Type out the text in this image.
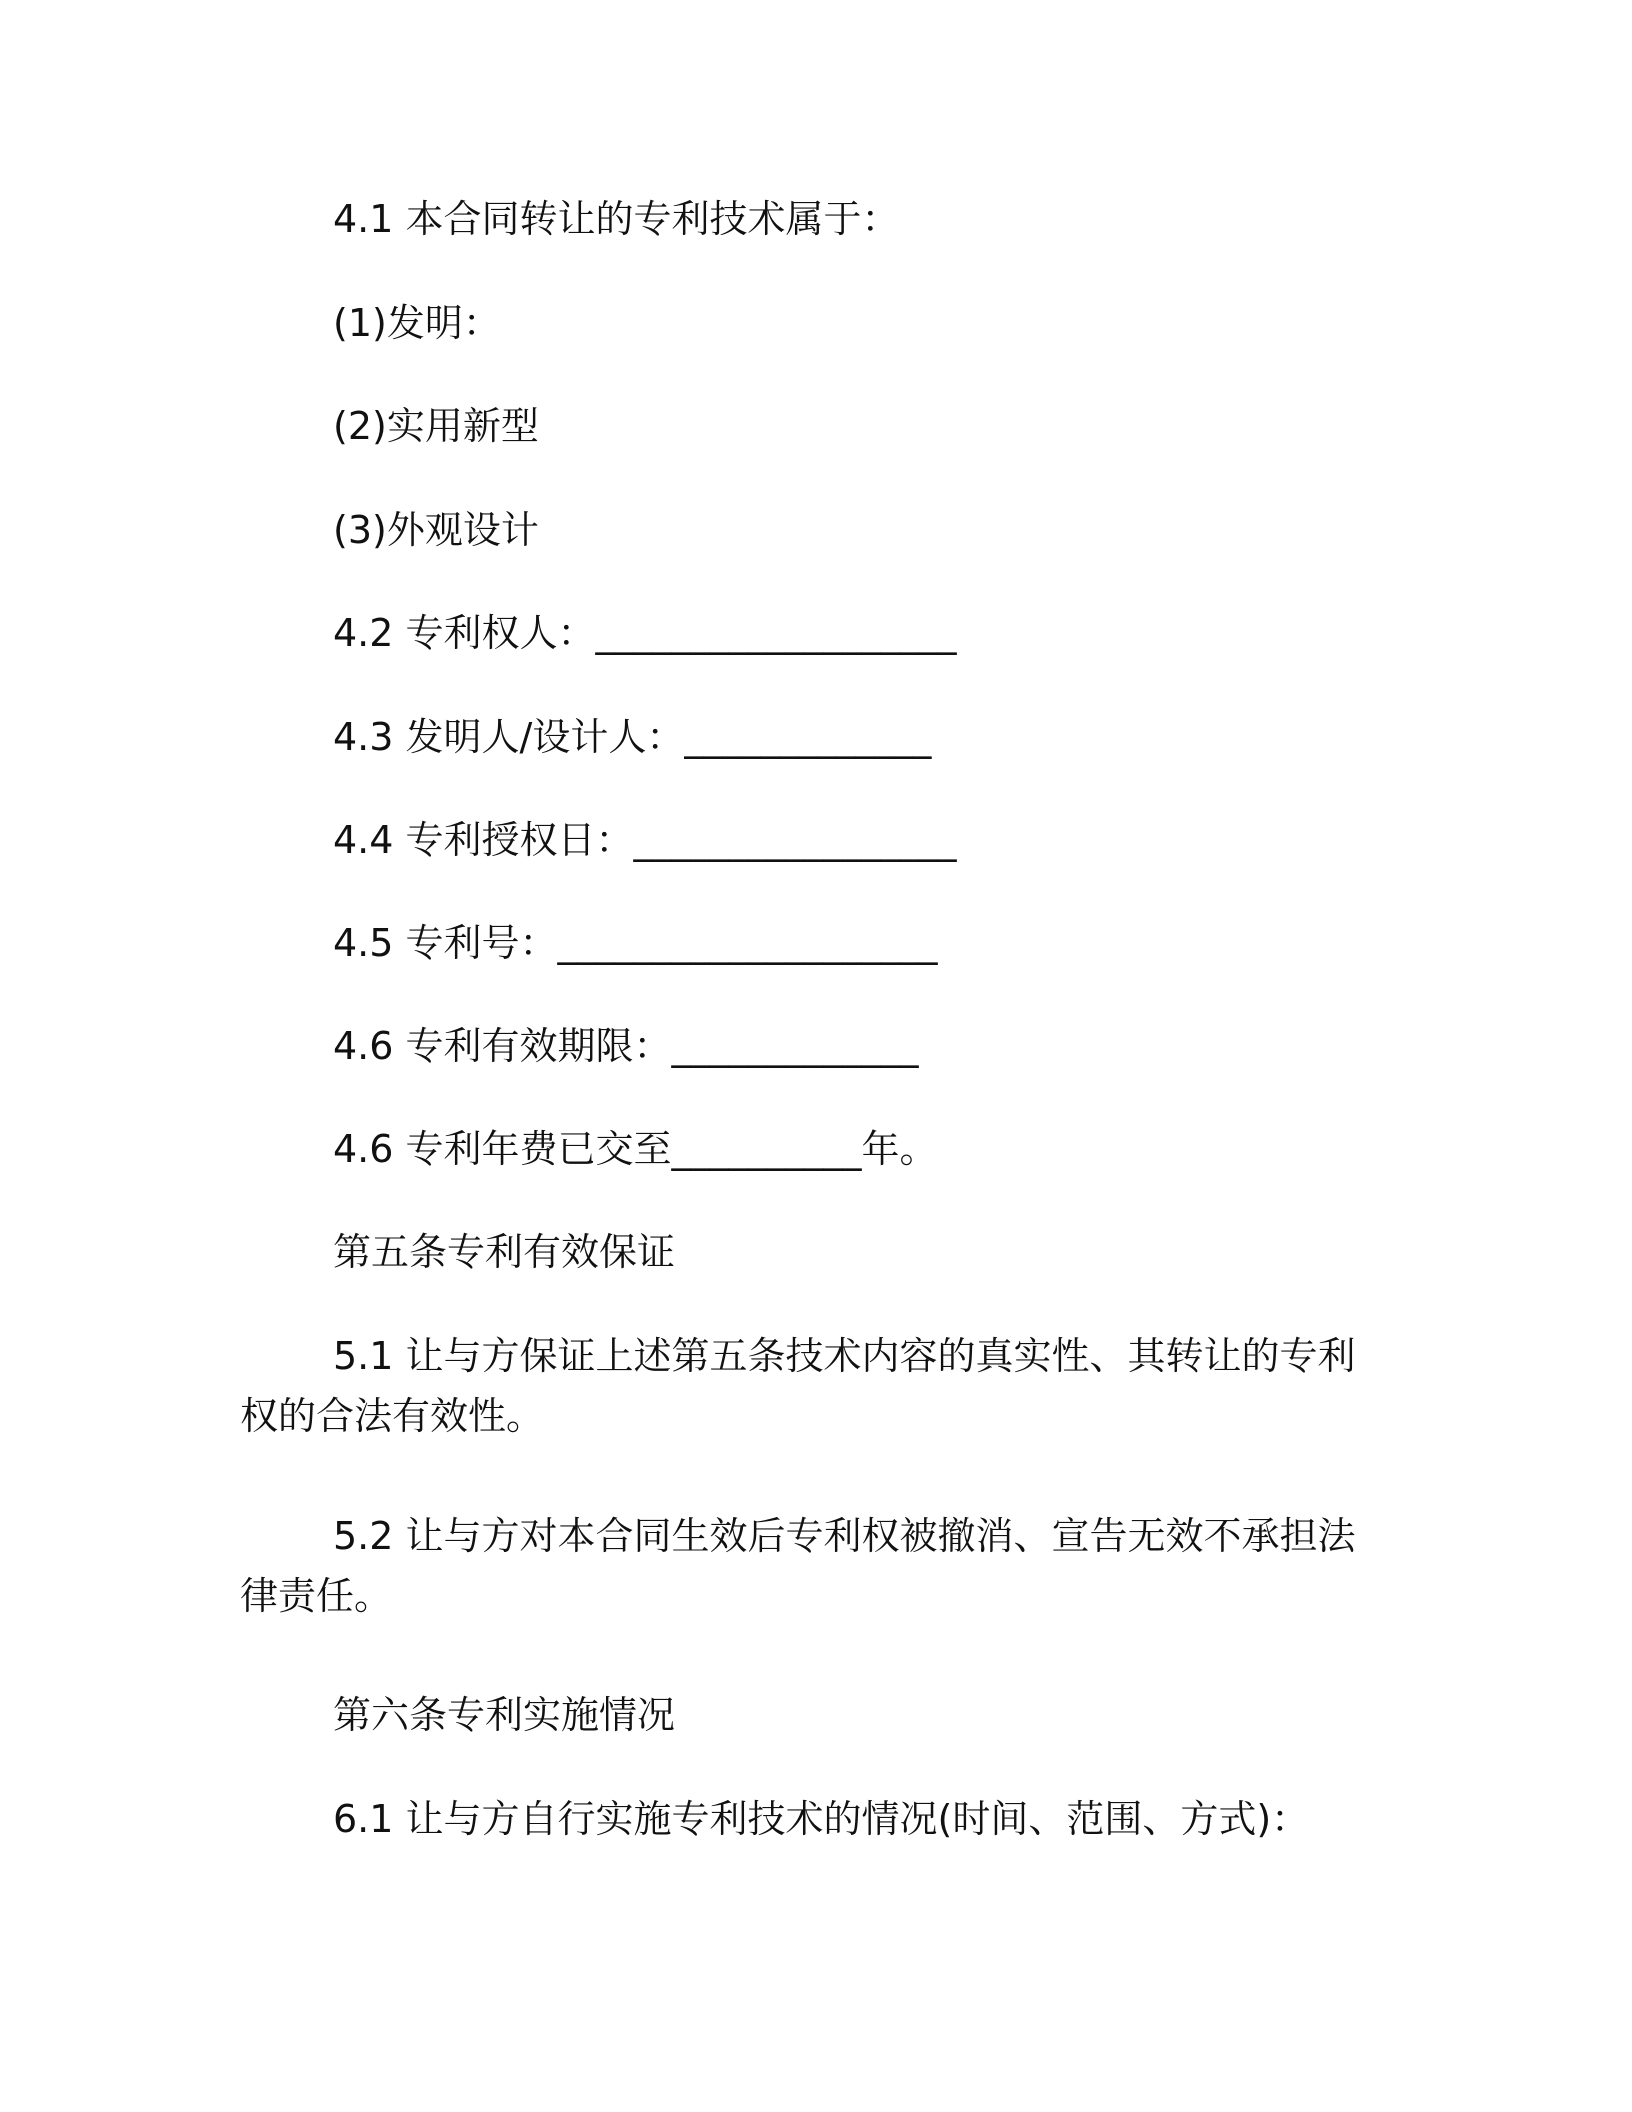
4.1 本合同转让的专利技术属于：
(1)发明：
(2)实用新型
(3)外观设计
4.2 专利权人：___________________
4.3 发明人/设计人：_____________
4.4 专利授权日：_________________
4.5 专利号：____________________
4.6 专利有效期限：_____________
4.6 专利年费已交至__________年。
第五条专利有效保证
5.1 让与方保证上述第五条技术内容的真实性、其转让的专利权的合法有效性。
5.2 让与方对本合同生效后专利权被撤消、宣告无效不承担法律责任。
第六条专利实施情况
6.1 让与方自行实施专利技术的情况(时间、范围、方式)：
